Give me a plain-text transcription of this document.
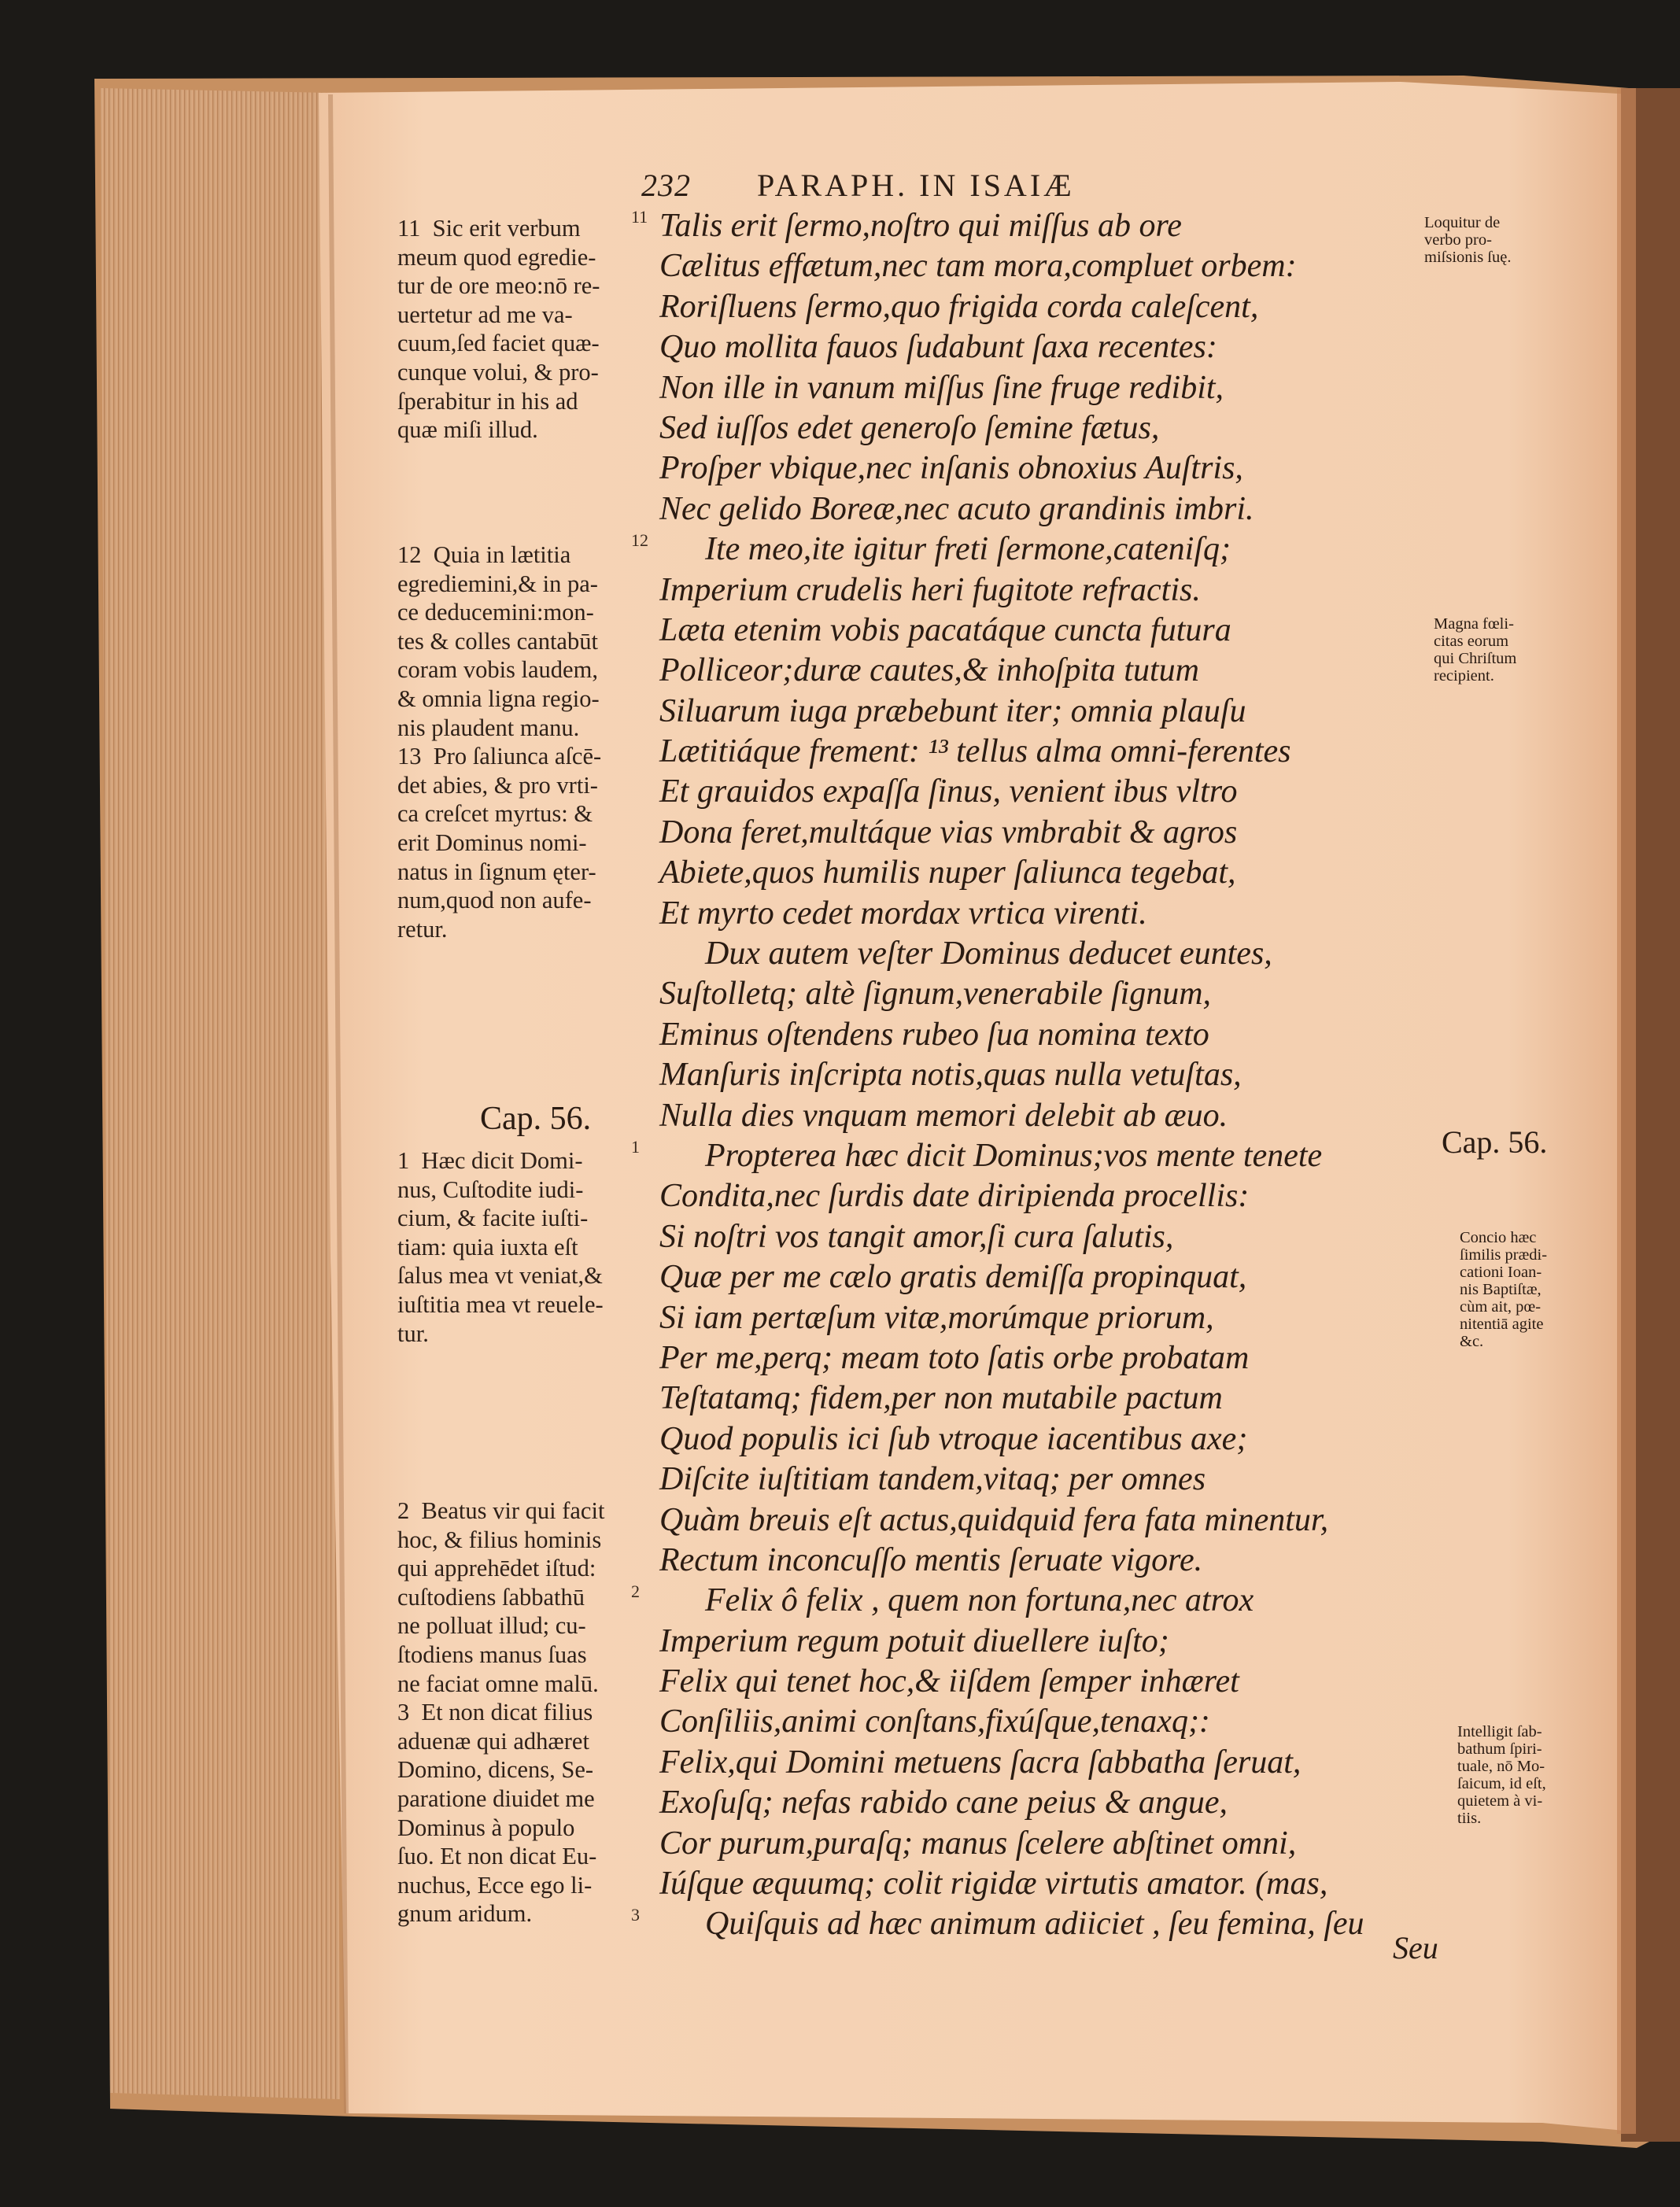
232 PARAPH. IN ISAIÆ
11 Talis erit ſermo,noſtro qui miſſus ab ore
Cælitus effætum,nec tam mora,compluet orbem:
Roriſluens ſermo,quo frigida corda caleſcent,
Quo mollita fauos ſudabunt ſaxa recentes:
Non ille in vanum miſſus ſine fruge redibit,
Sed iuſſos edet generoſo ſemine fætus,
Proſper vbique,nec inſanis obnoxius Auſtris,
Nec gelido Boreæ,nec acuto grandinis imbri.
12 Ite meo,ite igitur freti ſermone,cateniſq;
Imperium crudelis heri fugitote refractis.
Læta etenim vobis pacatáque cuncta futura
Polliceor;duræ cautes,& inhoſpita tutum
Siluarum iuga præbebunt iter; omnia plauſu
Lætitiáque frement: ¹³ tellus alma omni-ferentes
Et grauidos expaſſa ſinus, venient ibus vltro
Dona feret,multáque vias vmbrabit & agros
Abiete,quos humilis nuper ſaliunca tegebat,
Et myrto cedet mordax vrtica virenti.
Dux autem veſter Dominus deducet euntes,
Suſtolletq; altè ſignum,venerabile ſignum,
Eminus oſtendens rubeo ſua nomina texto
Manſuris inſcripta notis,quas nulla vetuſtas,
Nulla dies vnquam memori delebit ab æuo.
1 Propterea hæc dicit Dominus;vos mente tenete
Condita,nec ſurdis date diripienda procellis:
Si noſtri vos tangit amor,ſi cura ſalutis,
Quæ per me cælo gratis demiſſa propinquat,
Si iam pertæſum vitæ,morúmque priorum,
Per me,perq; meam toto ſatis orbe probatam
Teſtatamq; fidem,per non mutabile pactum
Quod populis ici ſub vtroque iacentibus axe;
Diſcite iuſtitiam tandem,vitaq; per omnes
Quàm breuis eſt actus,quidquid fera fata minentur,
Rectum inconcuſſo mentis ſeruate vigore.
2 Felix ô felix , quem non fortuna,nec atrox
Imperium regum potuit diuellere iuſto;
Felix qui tenet hoc,& iiſdem ſemper inhæret
Conſiliis,animi conſtans,fixúſque,tenaxq;:
Felix,qui Domini metuens ſacra ſabbatha ſeruat,
Exoſuſq; nefas rabido cane peius & angue,
Cor purum,puraſq; manus ſcelere abſtinet omni,
Iúſque æquumq; colit rigidæ virtutis amator. (mas,
3 Quiſquis ad hæc animum adiiciet , ſeu femina, ſeu
11  Sic erit verbum
meum quod egredie-
tur de ore meo:nō re-
uertetur ad me va-
cuum,ſed faciet quæ-
cunque volui, & pro-
ſperabitur in his ad
quæ miſi illud.
12  Quia in lætitia
egrediemini,& in pa-
ce deducemini:mon-
tes & colles cantabūt
coram vobis laudem,
& omnia ligna regio-
nis plaudent manu.
13  Pro ſaliunca aſcē-
det abies, & pro vrti-
ca creſcet myrtus: &
erit Dominus nomi-
natus in ſignum ęter-
num,quod non aufe-
retur.
1  Hæc dicit Domi-
nus, Cuſtodite iudi-
cium, & facite iuſti-
tiam: quia iuxta eſt
ſalus mea vt veniat,&
iuſtitia mea vt reuele-
tur.
2  Beatus vir qui facit
hoc, & filius hominis
qui apprehēdet iſtud:
cuſtodiens ſabbathū
ne polluat illud; cu-
ſtodiens manus ſuas
ne faciat omne malū.
3  Et non dicat filius
aduenæ qui adhæret
Domino, dicens, Se-
paratione diuidet me
Dominus à populo
ſuo. Et non dicat Eu-
nuchus, Ecce ego li-
gnum aridum.
Cap. 56.
Cap. 56.
Loquitur de
verbo pro-
miſsionis ſuę.
Magna fœli-
citas eorum
qui Chriſtum
recipient.
Concio hæc
ſimilis prædi-
cationi Ioan-
nis Baptiſtæ,
cùm ait, pœ-
nitentiā agite
&c.
Intelligit ſab-
bathum ſpiri-
tuale, nō Mo-
ſaicum, id eſt,
quietem à vi-
tiis.
Seu
